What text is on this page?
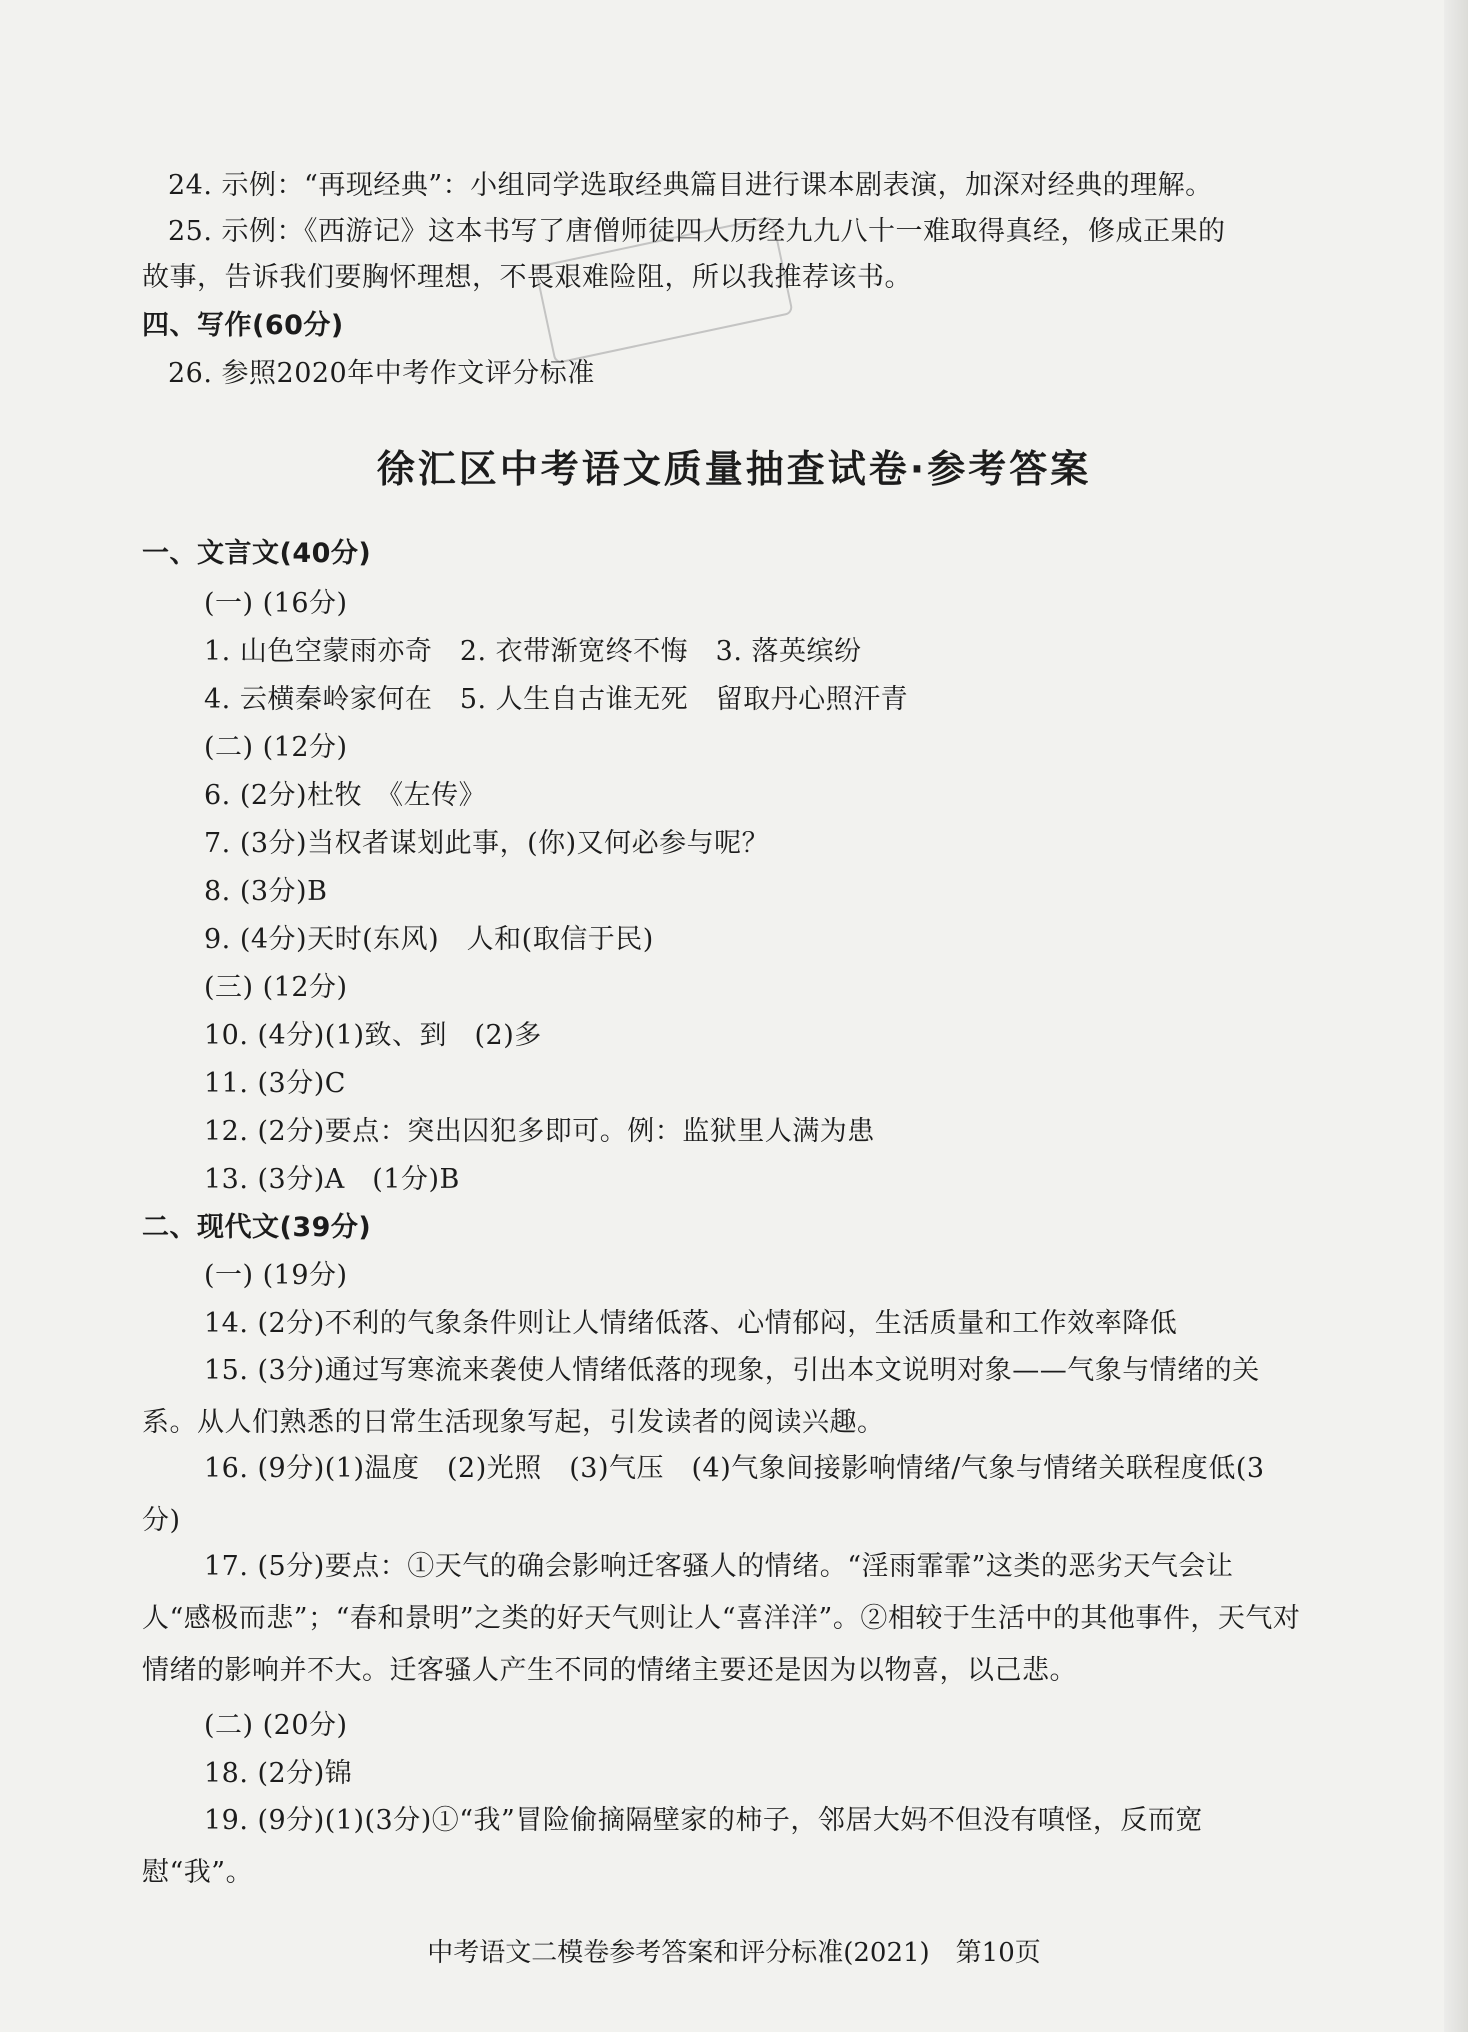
24. 示例：“再现经典”：小组同学选取经典篇目进行课本剧表演，加深对经典的理解。
25. 示例：《西游记》这本书写了唐僧师徒四人历经九九八十一难取得真经，修成正果的
故事，告诉我们要胸怀理想，不畏艰难险阻，所以我推荐该书。
四、写作(60分)
26. 参照2020年中考作文评分标准
徐汇区中考语文质量抽查试卷·参考答案
一、文言文(40分)
(一) (16分)
1. 山色空蒙雨亦奇　2. 衣带渐宽终不悔　3. 落英缤纷
4. 云横秦岭家何在　5. 人生自古谁无死　留取丹心照汗青
(二) (12分)
6. (2分)杜牧　《左传》
7. (3分)当权者谋划此事，(你)又何必参与呢？
8. (3分)B
9. (4分)天时(东风)　人和(取信于民)
(三) (12分)
10. (4分)(1)致、到　(2)多
11. (3分)C
12. (2分)要点：突出囚犯多即可。例：监狱里人满为患
13. (3分)A　(1分)B
二、现代文(39分)
(一) (19分)
14. (2分)不利的气象条件则让人情绪低落、心情郁闷，生活质量和工作效率降低
15. (3分)通过写寒流来袭使人情绪低落的现象，引出本文说明对象——气象与情绪的关系。从人们熟悉的日常生活现象写起，引发读者的阅读兴趣。
16. (9分)(1)温度　(2)光照　(3)气压　(4)气象间接影响情绪/气象与情绪关联程度低(3分)
17. (5分)要点：①天气的确会影响迁客骚人的情绪。“淫雨霏霏”这类的恶劣天气会让人“感极而悲”；“春和景明”之类的好天气则让人“喜洋洋”。②相较于生活中的其他事件，天气对情绪的影响并不大。迁客骚人产生不同的情绪主要还是因为以物喜，以己悲。
(二) (20分)
18. (2分)锦
19. (9分)(1)(3分)①“我”冒险偷摘隔壁家的柿子，邻居大妈不但没有嗔怪，反而宽慰“我”。
中考语文二模卷参考答案和评分标准(2021)　第10页
